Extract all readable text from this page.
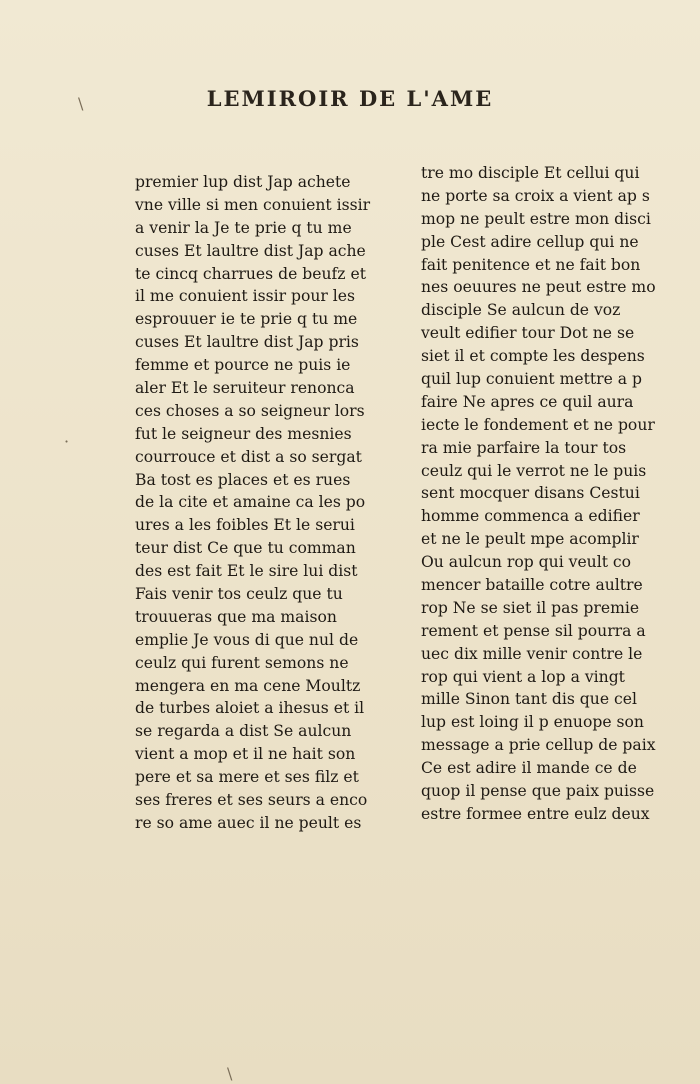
LEMIROIR DE L'AME
\
·
\
premier lup dist Jap achete
vne ville si men conuient issir
a venir la Je te prie q tu me
cuses Et laultre dist Jap ache
te cincq charrues de beufz et
il me conuient issir pour les
esprouuer ie te prie q tu me
cuses Et laultre dist Jap pris
femme et pource ne puis ie
aler Et le seruiteur renonca
ces choses a so seigneur lors
fut le seigneur des mesnies
courrouce et dist a so sergat
Ba tost es places et es rues
de la cite et amaine ca les po
ures a les foibles Et le serui
teur dist Ce que tu comman
des est fait Et le sire lui dist
Fais venir tos ceulz que tu
trouueras que ma maison
emplie Je vous di que nul de
ceulz qui furent semons ne
mengera en ma cene Moultz
de turbes aloiet a ihesus et il
se regarda a dist Se aulcun
vient a mop et il ne hait son
pere et sa mere et ses filz et
ses freres et ses seurs a enco
re so ame auec il ne peult es
tre mo disciple Et cellui qui
ne porte sa croix a vient ap s
mop ne peult estre mon disci
ple Cest adire cellup qui ne
fait penitence et ne fait bon
nes oeuures ne peut estre mo
disciple Se aulcun de voz
veult edifier tour Dot ne se
siet il et compte les despens
quil lup conuient mettre a p
faire Ne apres ce quil aura
iecte le fondement et ne pour
ra mie parfaire la tour tos
ceulz qui le verrot ne le puis
sent mocquer disans Cestui
homme commenca a edifier
et ne le peult mpe acomplir
Ou aulcun rop qui veult co
mencer bataille cotre aultre
rop Ne se siet il pas premie
rement et pense sil pourra a
uec dix mille venir contre le
rop qui vient a lop a vingt
mille Sinon tant dis que cel
lup est loing il p enuope son
message a prie cellup de paix
Ce est adire il mande ce de
quop il pense que paix puisse
estre formee entre eulz deux
